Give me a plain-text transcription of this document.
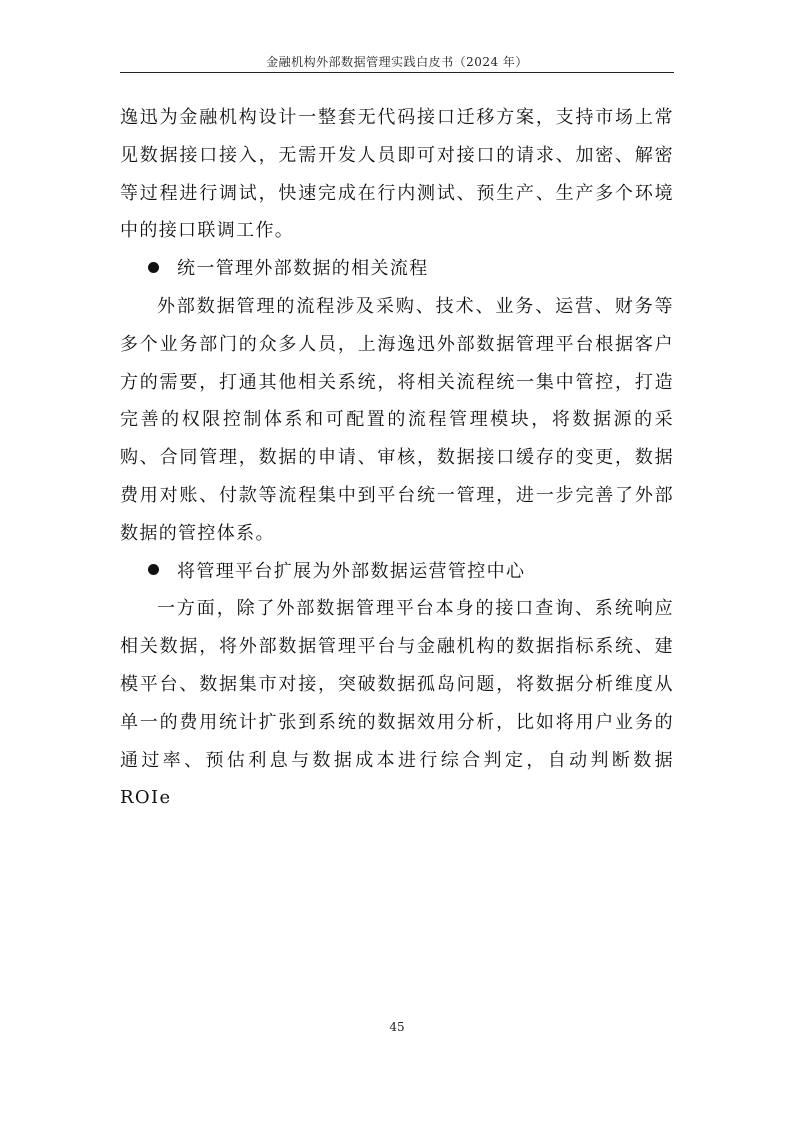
金融机构外部数据管理实践白皮书（2024 年）

逸迅为金融机构设计一整套无代码接口迁移方案，支持市场上常见数据接口接入，无需开发人员即可对接口的请求、加密、解密等过程进行调试，快速完成在行内测试、预生产、生产多个环境中的接口联调工作。

统一管理外部数据的相关流程

外部数据管理的流程涉及采购、技术、业务、运营、财务等多个业务部门的众多人员，上海逸迅外部数据管理平台根据客户方的需要，打通其他相关系统，将相关流程统一集中管控，打造完善的权限控制体系和可配置的流程管理模块，将数据源的采购、合同管理，数据的申请、审核，数据接口缓存的变更，数据费用对账、付款等流程集中到平台统一管理，进一步完善了外部数据的管控体系。

将管理平台扩展为外部数据运营管控中心

一方面，除了外部数据管理平台本身的接口查询、系统响应相关数据，将外部数据管理平台与金融机构的数据指标系统、建模平台、数据集市对接，突破数据孤岛问题，将数据分析维度从单一的费用统计扩张到系统的数据效用分析，比如将用户业务的通过率、预估利息与数据成本进行综合判定，自动判断数据 ROIe

45
